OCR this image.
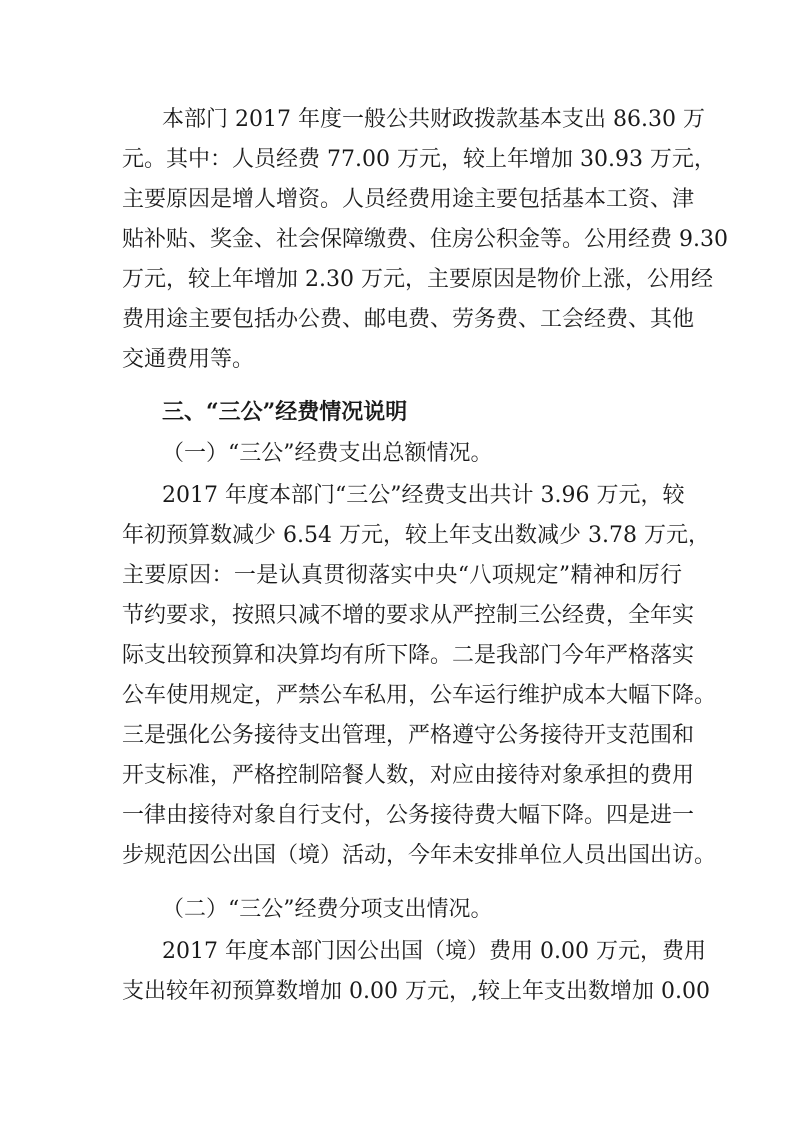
本部门 2017 年度一般公共财政拨款基本支出 86.30 万
元。其中：人员经费 77.00 万元，较上年增加 30.93 万元，
主要原因是增人增资。人员经费用途主要包括基本工资、津
贴补贴、奖金、社会保障缴费、住房公积金等。公用经费 9.30
万元，较上年增加 2.30 万元，主要原因是物价上涨，公用经
费用途主要包括办公费、邮电费、劳务费、工会经费、其他
交通费用等。
三、“三公”经费情况说明
（一）“三公”经费支出总额情况。
2017 年度本部门“三公”经费支出共计 3.96 万元，较
年初预算数减少 6.54 万元，较上年支出数减少 3.78 万元，
主要原因：一是认真贯彻落实中央“八项规定”精神和厉行
节约要求，按照只减不增的要求从严控制三公经费，全年实
际支出较预算和决算均有所下降。二是我部门今年严格落实
公车使用规定，严禁公车私用，公车运行维护成本大幅下降。
三是强化公务接待支出管理，严格遵守公务接待开支范围和
开支标准，严格控制陪餐人数，对应由接待对象承担的费用
一律由接待对象自行支付，公务接待费大幅下降。四是进一
步规范因公出国（境）活动，今年未安排单位人员出国出访。
（二）“三公”经费分项支出情况。
2017 年度本部门因公出国（境）费用 0.00 万元，费用
支出较年初预算数增加 0.00 万元，,较上年支出数增加 0.00
